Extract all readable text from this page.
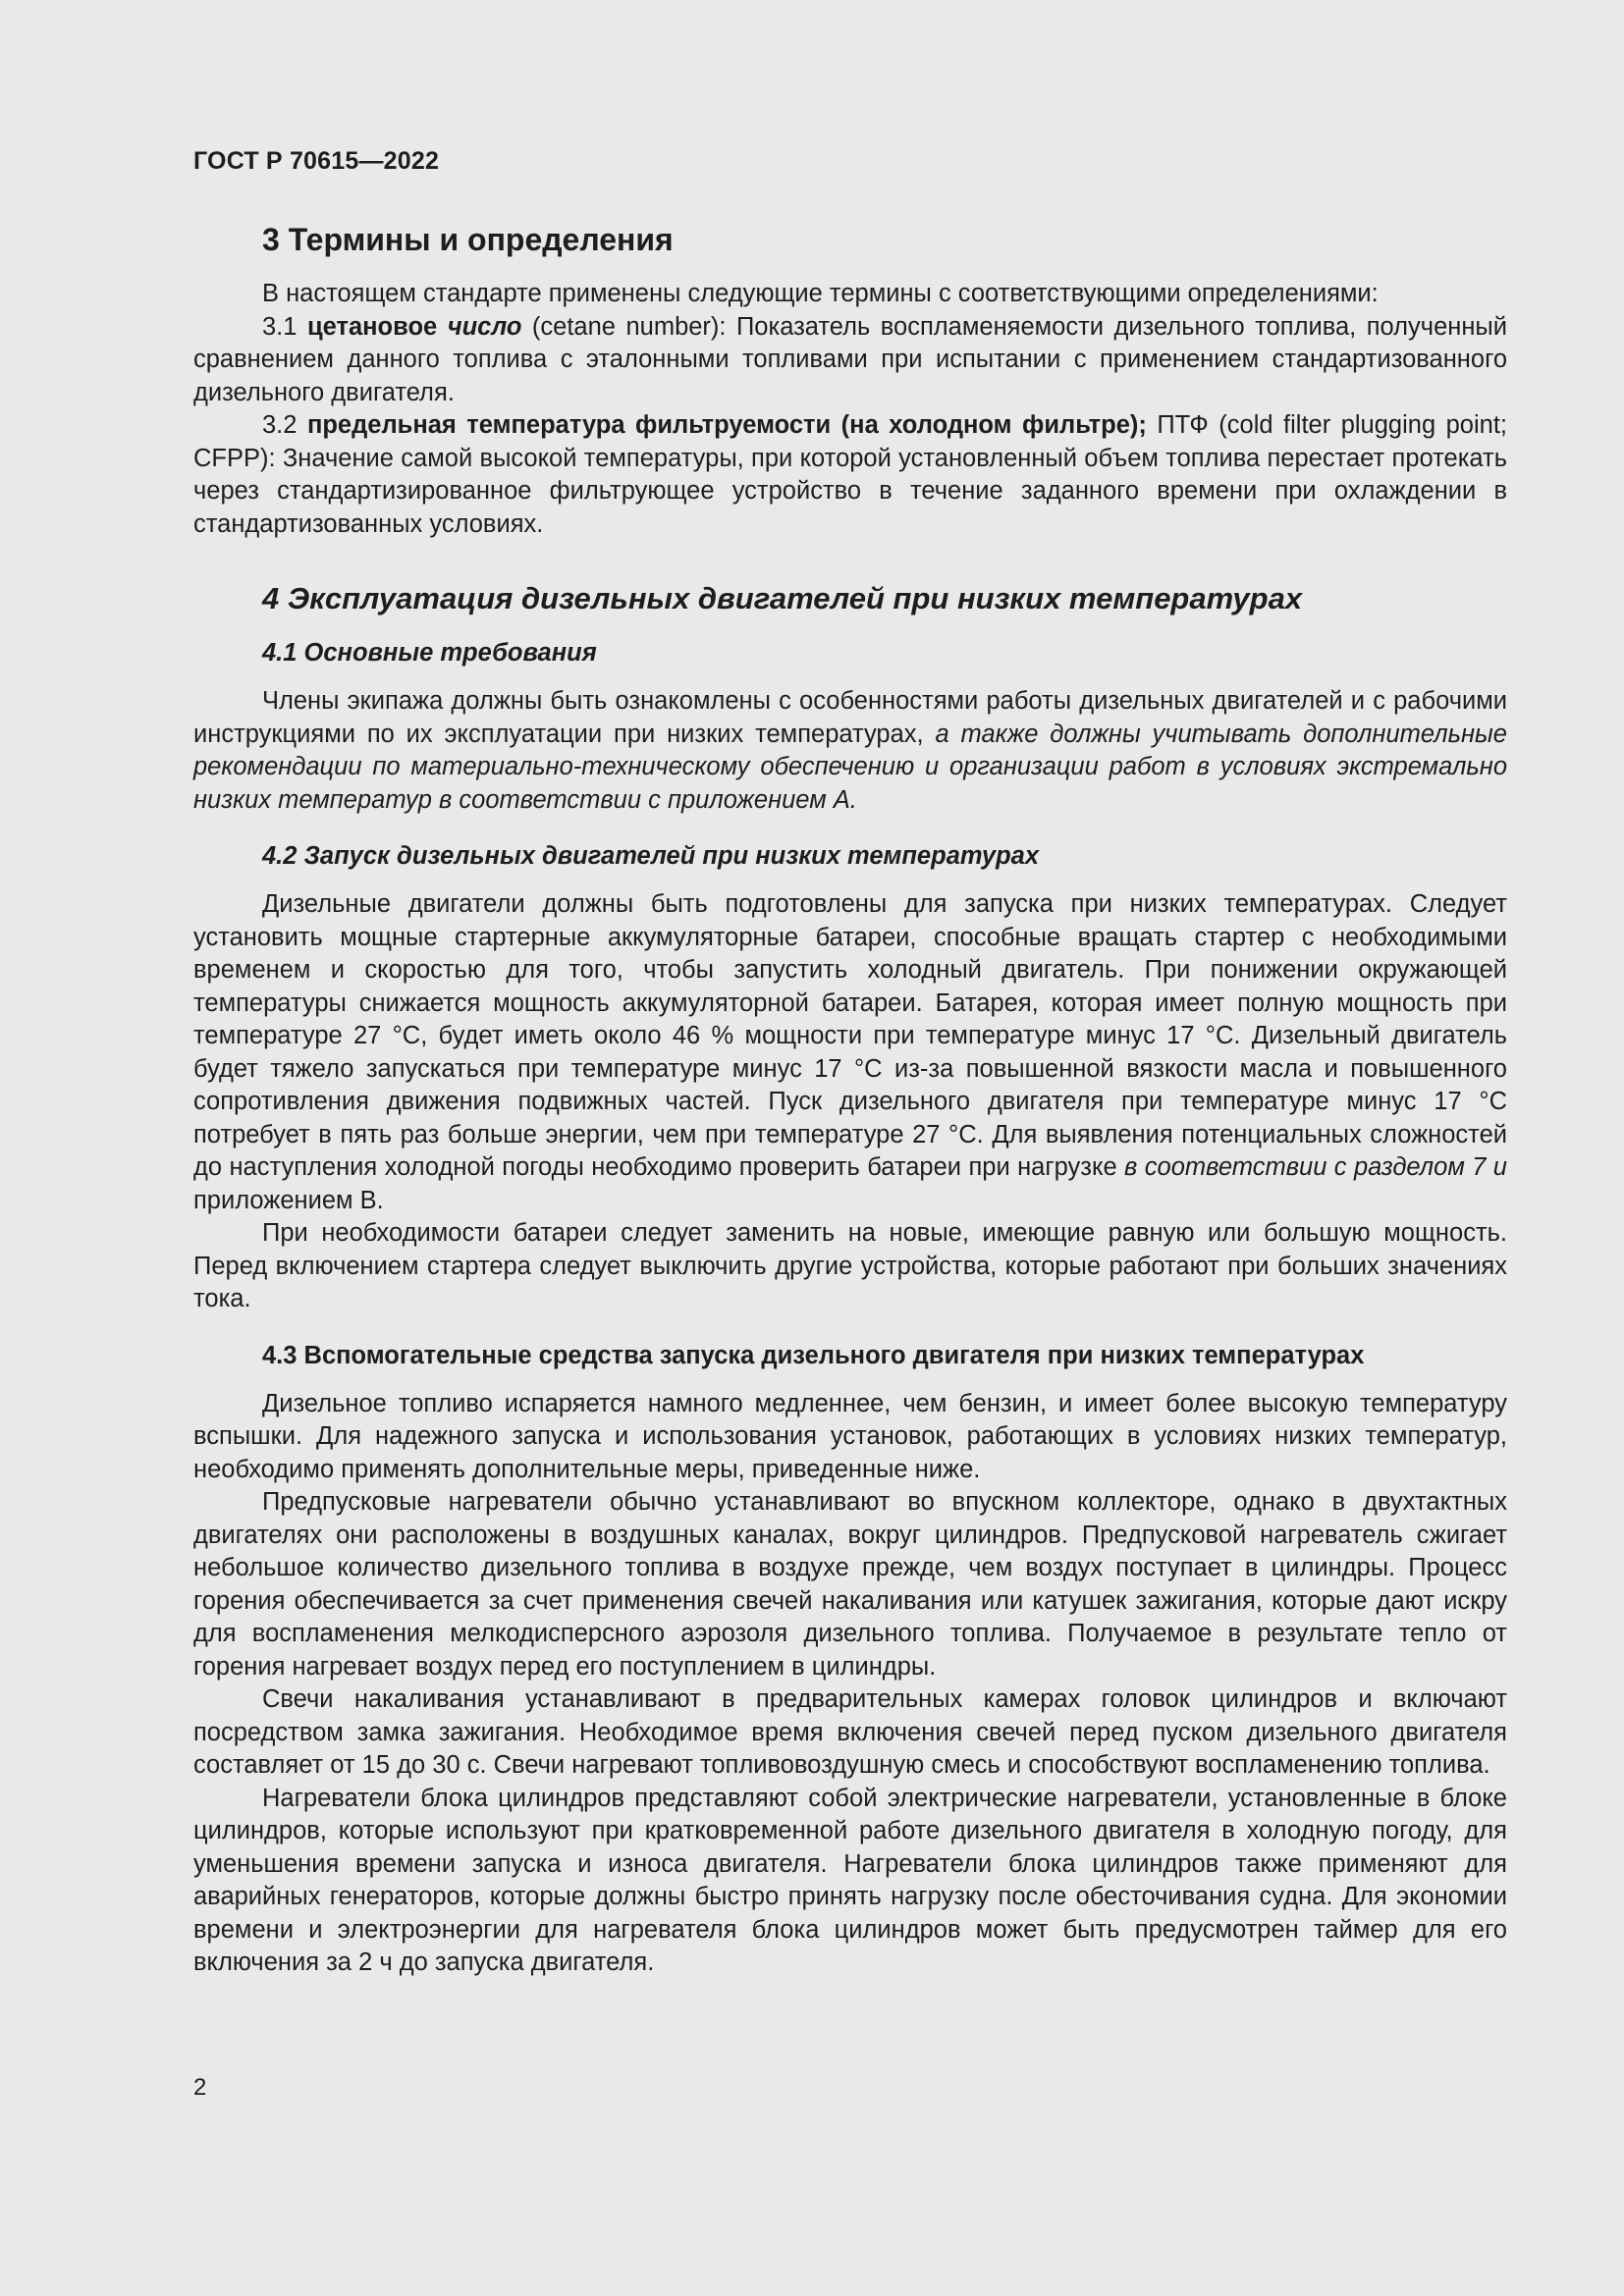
ГОСТ Р 70615—2022
3 Термины и определения

В настоящем стандарте применены следующие термины с соответствующими определениями:

3.1 цетановое число (cetane number): Показатель воспламеняемости дизельного топлива, полученный сравнением данного топлива с эталонными топливами при испытании с применением стандартизованного дизельного двигателя.

3.2 предельная температура фильтруемости (на холодном фильтре); ПТФ (cold filter plugging point; CFPP): Значение самой высокой температуры, при которой установленный объем топлива перестает протекать через стандартизированное фильтрующее устройство в течение заданного времени при охлаждении в стандартизованных условиях.

4 Эксплуатация дизельных двигателей при низких температурах
4.1 Основные требования

Члены экипажа должны быть ознакомлены с особенностями работы дизельных двигателей и с рабочими инструкциями по их эксплуатации при низких температурах, а также должны учитывать дополнительные рекомендации по материально-техническому обеспечению и организации работ в условиях экстремально низких температур в соответствии с приложением А.

4.2 Запуск дизельных двигателей при низких температурах

Дизельные двигатели должны быть подготовлены для запуска при низких температурах. Следует установить мощные стартерные аккумуляторные батареи, способные вращать стартер с необходимыми временем и скоростью для того, чтобы запустить холодный двигатель. При понижении окружающей температуры снижается мощность аккумуляторной батареи. Батарея, которая имеет полную мощность при температуре 27 °С, будет иметь около 46 % мощности при температуре минус 17 °С. Дизельный двигатель будет тяжело запускаться при температуре минус 17 °С из-за повышенной вязкости масла и повышенного сопротивления движения подвижных частей. Пуск дизельного двигателя при температуре минус 17 °С потребует в пять раз больше энергии, чем при температуре 27 °С. Для выявления потенциальных сложностей до наступления холодной погоды необходимо проверить батареи при нагрузке в соответствии с разделом 7 и приложением В.

При необходимости батареи следует заменить на новые, имеющие равную или большую мощность. Перед включением стартера следует выключить другие устройства, которые работают при больших значениях тока.

4.3 Вспомогательные средства запуска дизельного двигателя при низких температурах

Дизельное топливо испаряется намного медленнее, чем бензин, и имеет более высокую температуру вспышки. Для надежного запуска и использования установок, работающих в условиях низких температур, необходимо применять дополнительные меры, приведенные ниже.

Предпусковые нагреватели обычно устанавливают во впускном коллекторе, однако в двухтактных двигателях они расположены в воздушных каналах, вокруг цилиндров. Предпусковой нагреватель сжигает небольшое количество дизельного топлива в воздухе прежде, чем воздух поступает в цилиндры. Процесс горения обеспечивается за счет применения свечей накаливания или катушек зажигания, которые дают искру для воспламенения мелкодисперсного аэрозоля дизельного топлива. Получаемое в результате тепло от горения нагревает воздух перед его поступлением в цилиндры.

Свечи накаливания устанавливают в предварительных камерах головок цилиндров и включают посредством замка зажигания. Необходимое время включения свечей перед пуском дизельного двигателя составляет от 15 до 30 с. Свечи нагревают топливовоздушную смесь и способствуют воспламенению топлива.

Нагреватели блока цилиндров представляют собой электрические нагреватели, установленные в блоке цилиндров, которые используют при кратковременной работе дизельного двигателя в холодную погоду, для уменьшения времени запуска и износа двигателя. Нагреватели блока цилиндров также применяют для аварийных генераторов, которые должны быстро принять нагрузку после обесточивания судна. Для экономии времени и электроэнергии для нагревателя блока цилиндров может быть предусмотрен таймер для его включения за 2 ч до запуска двигателя.

2
